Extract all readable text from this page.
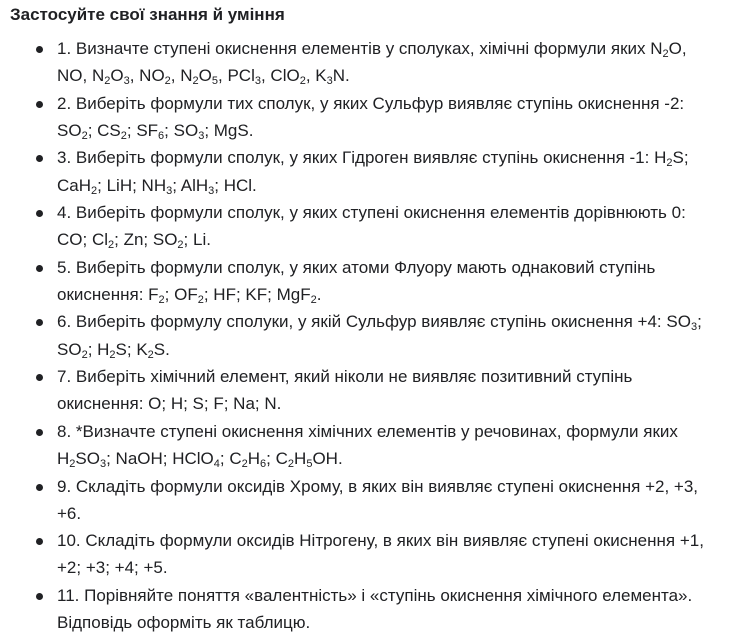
Застосуйте свої знання й уміння
1. Визначте ступені окиснення елементів у сполуках, хімічні формули яких $N_2O$, NO, $N_2O_3$, $NO_2$, $N_2O_5$, PCl$_3$, ClO$_2$, $K_3N$.
2. Виберіть формули тих сполук, у яких Сульфур виявляє ступінь окиснення -2: $SO_2$; $CS_2$; $SF_6$; $SO_3$; MgS.
3. Виберіть формули сполук, у яких Гідроген виявляє ступінь окиснення -1: $H_2S$; CaH$_2$; LiH; $NH_3$; AlH$_3$; HCl.
4. Виберіть формули сполук, у яких ступені окиснення елементів дорівнюють 0: CO; $Cl_2$; Zn; $SO_2$; Li.
5. Виберіть формули сполук, у яких атоми Флуору мають однаковий ступінь окиснення: $F_2$; $OF_2$; HF; KF; MgF$_2$.
6. Виберіть формулу сполуки, у якій Сульфур виявляє ступінь окиснення +4: $SO_3$; $SO_2$; $H_2S$; $K_2S$.
7. Виберіть хімічний елемент, який ніколи не виявляє позитивний ступінь окиснення: O; H; S; F; Na; N.
8. *Визначте ступені окиснення хімічних елементів у речовинах, формули яких $H_2SO_3$; NaOH; HClO$_4$; $C_2H_6$; $C_2H_5OH$.
9. Складіть формули оксидів Хрому, в яких він виявляє ступені окиснення +2, +3, +6.
10. Складіть формули оксидів Нітрогену, в яких він виявляє ступені окиснення +1, +2; +3; +4; +5.
11. Порівняйте поняття «валентність» і «ступінь окиснення хімічного елемента». Відповідь оформіть як таблицю.
